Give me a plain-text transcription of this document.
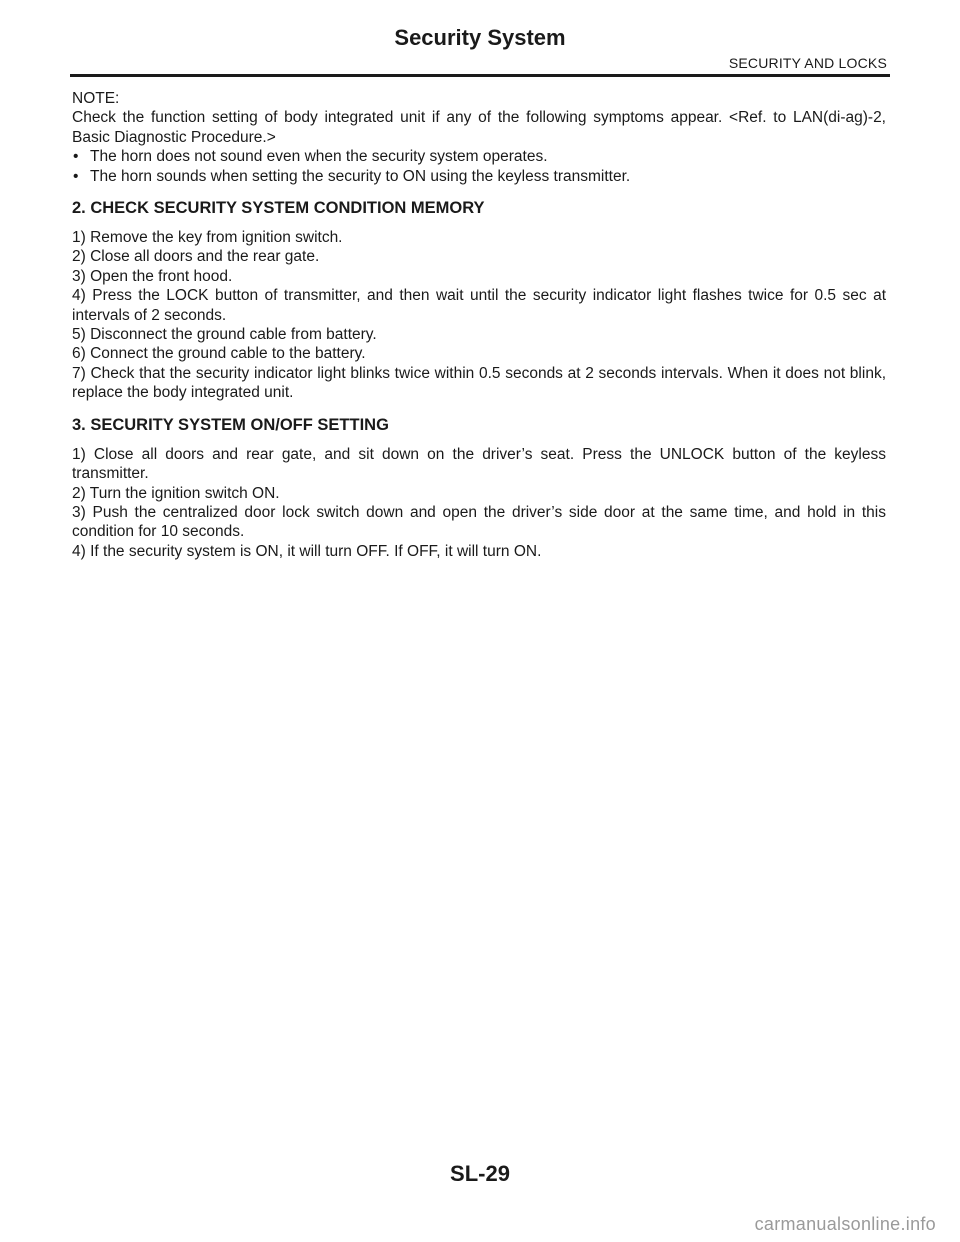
Security System
SECURITY AND LOCKS

NOTE:

Check the function setting of body integrated unit if any of the following symptoms appear. <Ref. to LAN(di-ag)-2, Basic Diagnostic Procedure.>

• The horn does not sound even when the security system operates.
• The horn sounds when setting the security to ON using the keyless transmitter.
2. CHECK SECURITY SYSTEM CONDITION MEMORY
1) Remove the key from ignition switch.
2) Close all doors and the rear gate.
3) Open the front hood.
4) Press the LOCK button of transmitter, and then wait until the security indicator light flashes twice for 0.5 sec at intervals of 2 seconds.
5) Disconnect the ground cable from battery.
6) Connect the ground cable to the battery.
7) Check that the security indicator light blinks twice within 0.5 seconds at 2 seconds intervals. When it does not blink, replace the body integrated unit.
3. SECURITY SYSTEM ON/OFF SETTING
1) Close all doors and rear gate, and sit down on the driver’s seat. Press the UNLOCK button of the keyless transmitter.
2) Turn the ignition switch ON.
3) Push the centralized door lock switch down and open the driver’s side door at the same time, and hold in this condition for 10 seconds.
4) If the security system is ON, it will turn OFF. If OFF, it will turn ON.
SL-29
carmanualsonline.info
